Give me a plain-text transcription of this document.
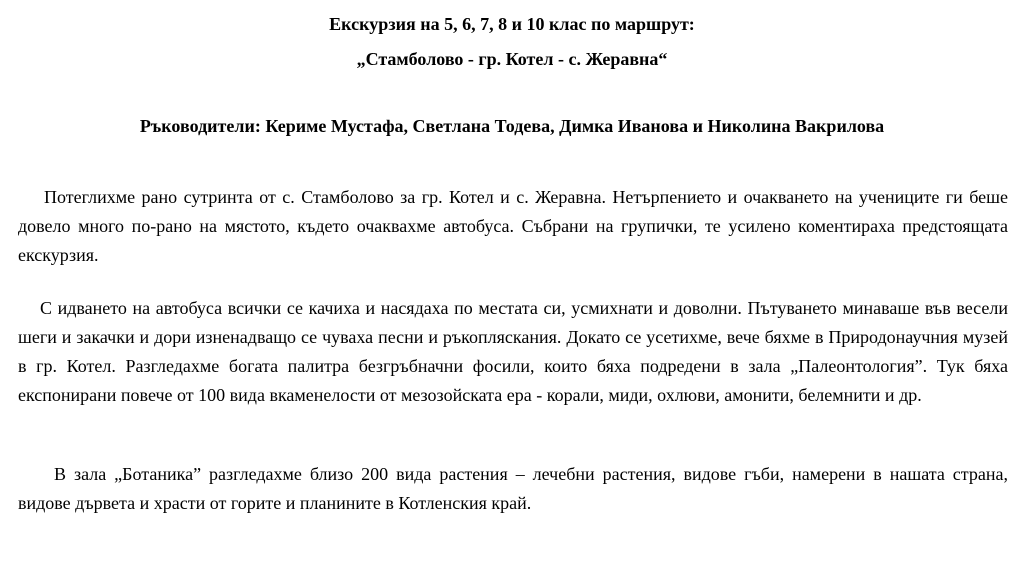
Екскурзия на 5, 6, 7, 8 и 10 клас по маршрут:

„Стамболово - гр. Котел - с. Жеравна“

Ръководители: Кериме Мустафа, Светлана Тодева, Димка Иванова и Николина Вакрилова

Потеглихме рано сутринта от с. Стамболово за гр. Котел и с. Жеравна. Нетърпението и очакването на учениците ги беше довело много по-рано на мястото, където очаквахме автобуса. Събрани на групички, те усилено коментираха предстоящата екскурзия.

С идването на автобуса всички се качиха и насядаха по местата си, усмихнати и доволни. Пътуването минаваше във весели шеги и закачки и дори изненадващо се чуваха песни и ръкопляскания. Докато се усетихме, вече бяхме в Природонаучния музей в гр. Котел. Разгледахме богата палитра безгръбначни фосили, които бяха подредени в зала „Палеонтология”. Тук бяха експонирани повече от 100 вида вкаменелости от мезозойската ера - корали, миди, охлюви, амонити, белемнити и др.

В зала „Ботаника” разгледахме близо 200 вида растения – лечебни растения, видове гъби, намерени в нашата страна, видове дървета и храсти от горите и планините в Котленския край.
